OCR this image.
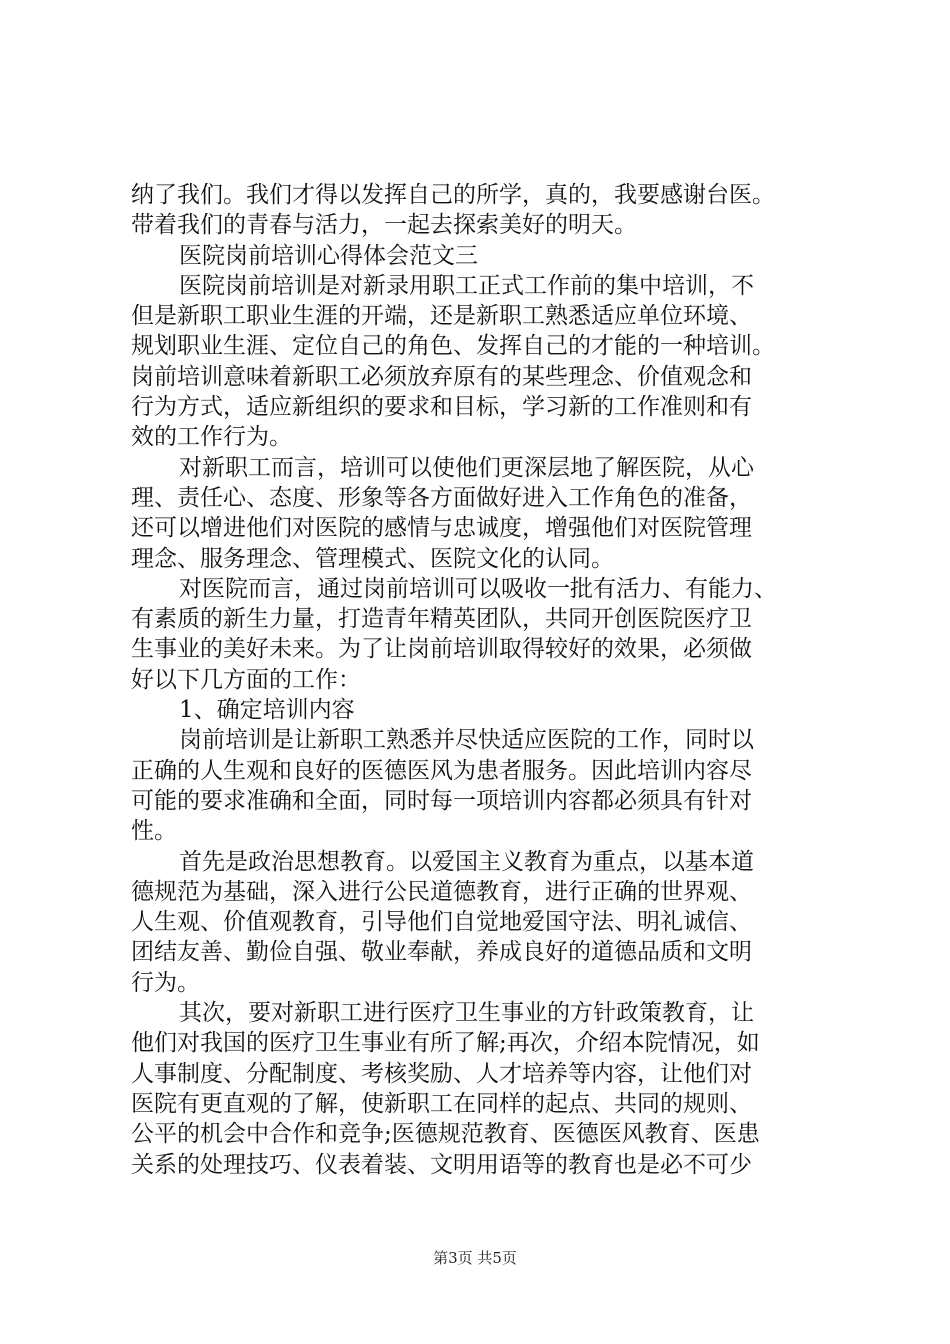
纳了我们。我们才得以发挥自己的所学，真的，我要感谢台医。
带着我们的青春与活力，一起去探索美好的明天。
医院岗前培训心得体会范文三
医院岗前培训是对新录用职工正式工作前的集中培训，不
但是新职工职业生涯的开端，还是新职工熟悉适应单位环境、
规划职业生涯、定位自己的角色、发挥自己的才能的一种培训。
岗前培训意味着新职工必须放弃原有的某些理念、价值观念和
行为方式，适应新组织的要求和目标，学习新的工作准则和有
效的工作行为。
对新职工而言，培训可以使他们更深层地了解医院，从心
理、责任心、态度、形象等各方面做好进入工作角色的准备，
还可以增进他们对医院的感情与忠诚度，增强他们对医院管理
理念、服务理念、管理模式、医院文化的认同。
对医院而言，通过岗前培训可以吸收一批有活力、有能力、
有素质的新生力量，打造青年精英团队，共同开创医院医疗卫
生事业的美好未来。为了让岗前培训取得较好的效果，必须做
好以下几方面的工作：
1、确定培训内容
岗前培训是让新职工熟悉并尽快适应医院的工作，同时以
正确的人生观和良好的医德医风为患者服务。因此培训内容尽
可能的要求准确和全面，同时每一项培训内容都必须具有针对
性。
首先是政治思想教育。以爱国主义教育为重点，以基本道
德规范为基础，深入进行公民道德教育，进行正确的世界观、
人生观、价值观教育，引导他们自觉地爱国守法、明礼诚信、
团结友善、勤俭自强、敬业奉献，养成良好的道德品质和文明
行为。
其次，要对新职工进行医疗卫生事业的方针政策教育，让
他们对我国的医疗卫生事业有所了解;再次，介绍本院情况，如
人事制度、分配制度、考核奖励、人才培养等内容，让他们对
医院有更直观的了解，使新职工在同样的起点、共同的规则、
公平的机会中合作和竞争;医德规范教育、医德医风教育、医患
关系的处理技巧、仪表着装、文明用语等的教育也是必不可少
第3页 共5页
